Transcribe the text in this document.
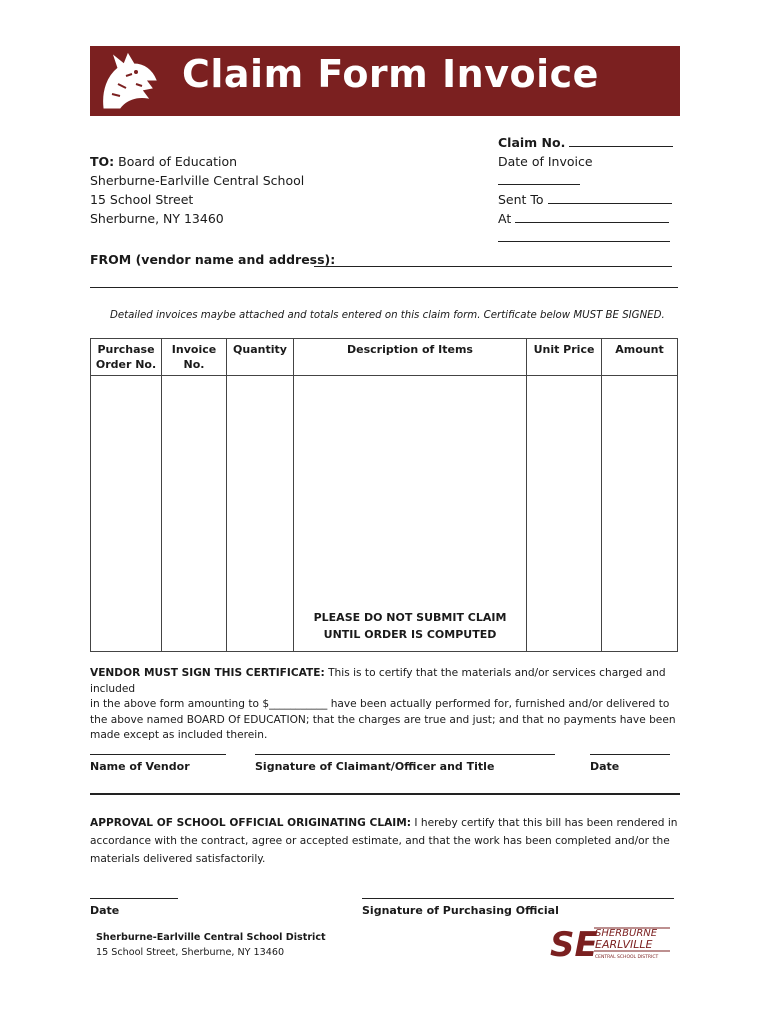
Claim Form Invoice
TO: Board of Education
Sherburne-Earlville Central School
15 School Street
Sherburne, NY 13460
Claim No.
Date of Invoice
Sent To
At
FROM (vendor name and address):
Detailed invoices maybe attached and totals entered on this claim form. Certificate below MUST BE SIGNED.
Purchase Order No.	Invoice No.	Quantity	Description of Items	Unit Price	Amount

			PLEASE DO NOT SUBMIT CLAIM
UNTIL ORDER IS COMPUTED		

VENDOR MUST SIGN THIS CERTIFICATE: This is to certify that the materials and/or services charged and included
in the above form amounting to $___________ have been actually performed for, furnished and/or delivered to
the above named BOARD Of EDUCATION; that the charges are true and just; and that no payments have been
made except as included therein.
Name of Vendor	Signature of Claimant/Officer and Title	Date
APPROVAL OF SCHOOL OFFICIAL ORIGINATING CLAIM: I hereby certify that this bill has been rendered in
accordance with the contract, agree or accepted estimate, and that the work has been completed and/or the
materials delivered satisfactorily.
Date	Signature of Purchasing Official
Sherburne-Earlville Central School District
15 School Street, Sherburne, NY 13460	SE
SHERBURNE
EARLVILLE
CENTRAL SCHOOL DISTRICT
